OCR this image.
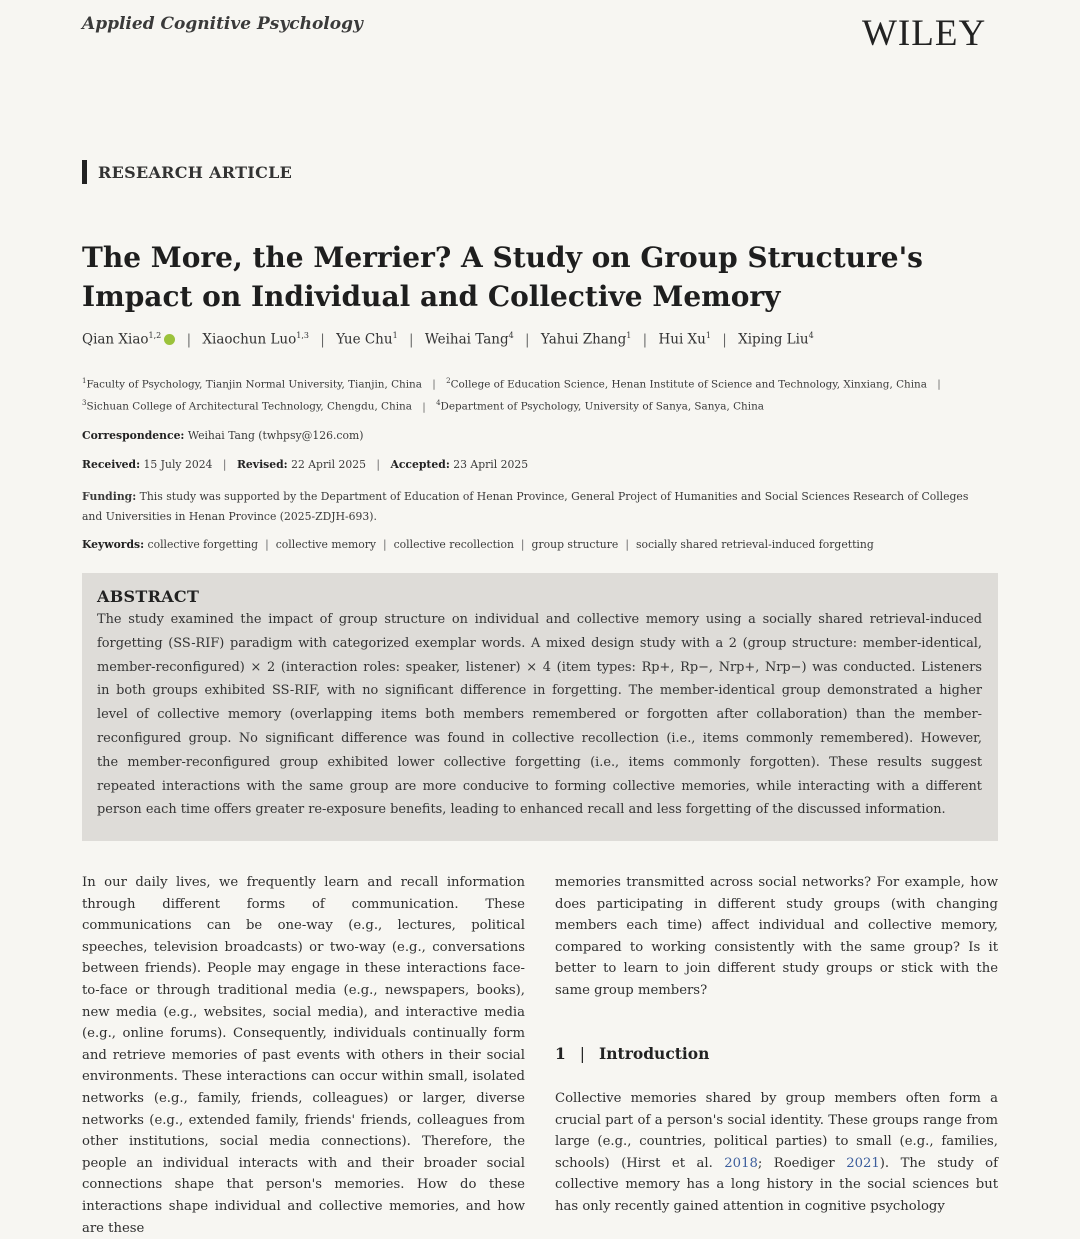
Applied Cognitive Psychology	WILEY
RESEARCH ARTICLE
The More, the Merrier? A Study on Group Structure's Impact on Individual and Collective Memory
Qian Xiao$^{1,2}$ | Xiaochun Luo$^{1,3}$ | Yue Chu$^1$ | Weihai Tang$^4$ | Yahui Zhang$^1$ | Hui Xu$^1$ | Xiping Liu$^4$

$^1$Faculty of Psychology, Tianjin Normal University, Tianjin, China | $^2$College of Education Science, Henan Institute of Science and Technology, Xinxiang, China | $^3$Sichuan College of Architectural Technology, Chengdu, China | $^4$Department of Psychology, University of Sanya, Sanya, China

Correspondence: Weihai Tang (twhpsy@126.com)
Received: 15 July 2024 | Revised: 22 April 2025 | Accepted: 23 April 2025

Funding: This study was supported by the Department of Education of Henan Province, General Project of Humanities and Social Sciences Research of Colleges and Universities in Henan Province (2025-ZDJH-693).

Keywords: collective forgetting | collective memory | collective recollection | group structure | socially shared retrieval-induced forgetting
ABSTRACT

The study examined the impact of group structure on individual and collective memory using a socially shared retrieval-induced

forgetting (SS-RIF) paradigm with categorized exemplar words. A mixed design study with a 2 (group structure: member-identical,

member-reconfigured) × 2 (interaction roles: speaker, listener) × 4 (item types: Rp+, Rp−, Nrp+, Nrp−) was conducted. Listeners

in both groups exhibited SS-RIF, with no significant difference in forgetting. The member-identical group demonstrated a higher

level of collective memory (overlapping items both members remembered or forgotten after collaboration) than the member-

reconfigured group. No significant difference was found in collective recollection (i.e., items commonly remembered). However,

the member-reconfigured group exhibited lower collective forgetting (i.e., items commonly forgotten). These results suggest

repeated interactions with the same group are more conducive to forming collective memories, while interacting with a different

person each time offers greater re-exposure benefits, leading to enhanced recall and less forgetting of the discussed information.

In our daily lives, we frequently learn and recall information through different forms of communication. These communications can be one-way (e.g., lectures, political speeches, television broadcasts) or two-way (e.g., conversations between friends). People may engage in these interactions face-to-face or through traditional media (e.g., newspapers, books), new media (e.g., websites, social media), and interactive media (e.g., online forums). Consequently, individuals continually form and retrieve memories of past events with others in their social environments. These interactions can occur within small, isolated networks (e.g., family, friends, colleagues) or larger, diverse networks (e.g., extended family, friends' friends, colleagues from other institutions, social media connections). Therefore, the people an individual interacts with and their broader social connections shape that person's memories. How do these interactions shape individual and collective memories, and how are these

memories transmitted across social networks? For example, how does participating in different study groups (with changing members each time) affect individual and collective memory, compared to working consistently with the same group? Is it better to learn to join different study groups or stick with the same group members?

1 | Introduction

Collective memories shared by group members often form a crucial part of a person's social identity. These groups range from large (e.g., countries, political parties) to small (e.g., families, schools) (Hirst et al. 2018; Roediger 2021). The study of collective memory has a long history in the social sciences but has only recently gained attention in cognitive psychology
